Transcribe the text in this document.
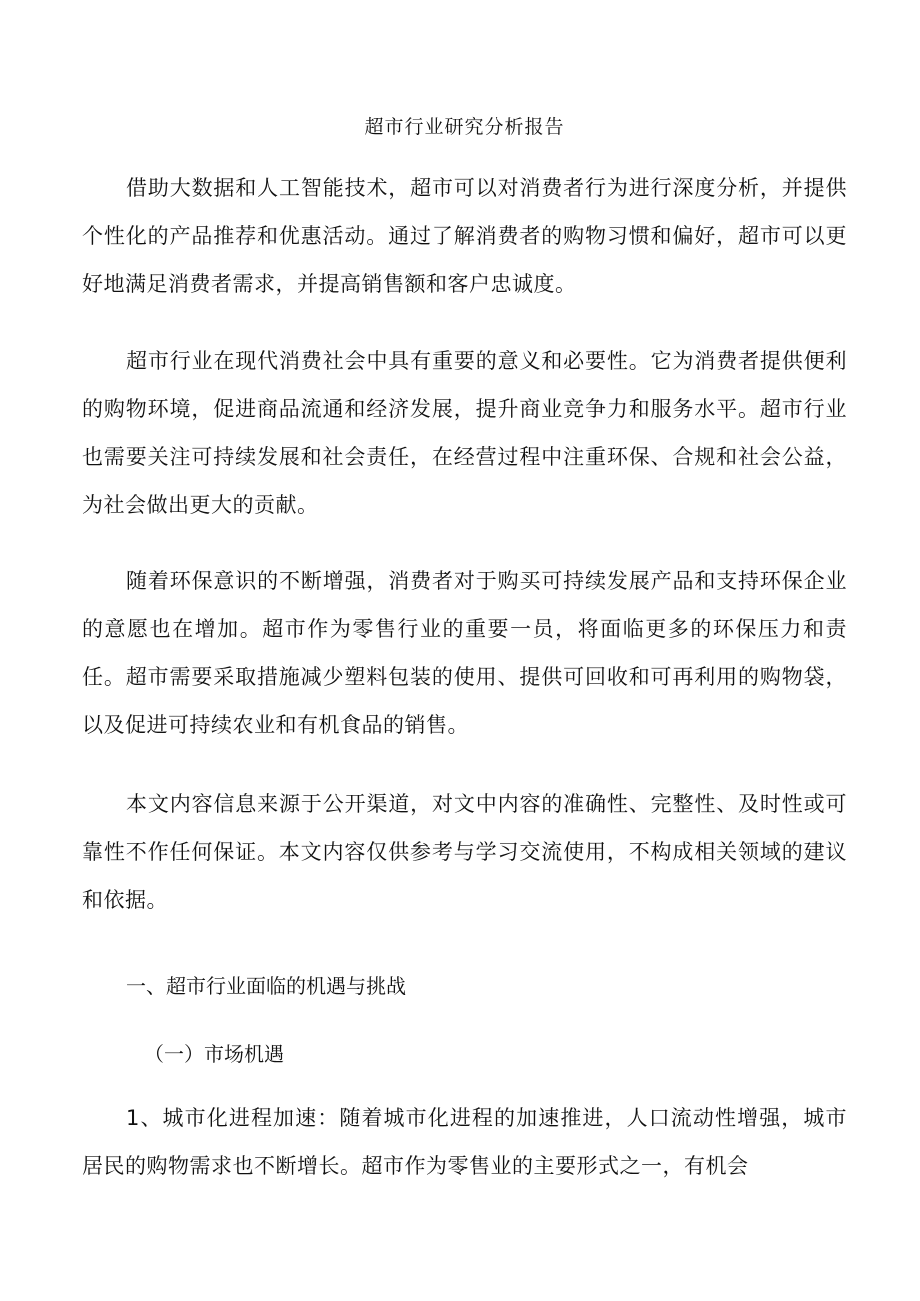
超市行业研究分析报告

借助大数据和人工智能技术，超市可以对消费者行为进行深度分析，并提供个性化的产品推荐和优惠活动。通过了解消费者的购物习惯和偏好，超市可以更好地满足消费者需求，并提高销售额和客户忠诚度。

超市行业在现代消费社会中具有重要的意义和必要性。它为消费者提供便利的购物环境，促进商品流通和经济发展，提升商业竞争力和服务水平。超市行业也需要关注可持续发展和社会责任，在经营过程中注重环保、合规和社会公益，为社会做出更大的贡献。

随着环保意识的不断增强，消费者对于购买可持续发展产品和支持环保企业的意愿也在增加。超市作为零售行业的重要一员，将面临更多的环保压力和责任。超市需要采取措施减少塑料包装的使用、提供可回收和可再利用的购物袋，以及促进可持续农业和有机食品的销售。

本文内容信息来源于公开渠道，对文中内容的准确性、完整性、及时性或可靠性不作任何保证。本文内容仅供参考与学习交流使用，不构成相关领域的建议和依据。

一、超市行业面临的机遇与挑战

（一）市场机遇

1、城市化进程加速：随着城市化进程的加速推进，人口流动性增强，城市居民的购物需求也不断增长。超市作为零售业的主要形式之一，有机会
